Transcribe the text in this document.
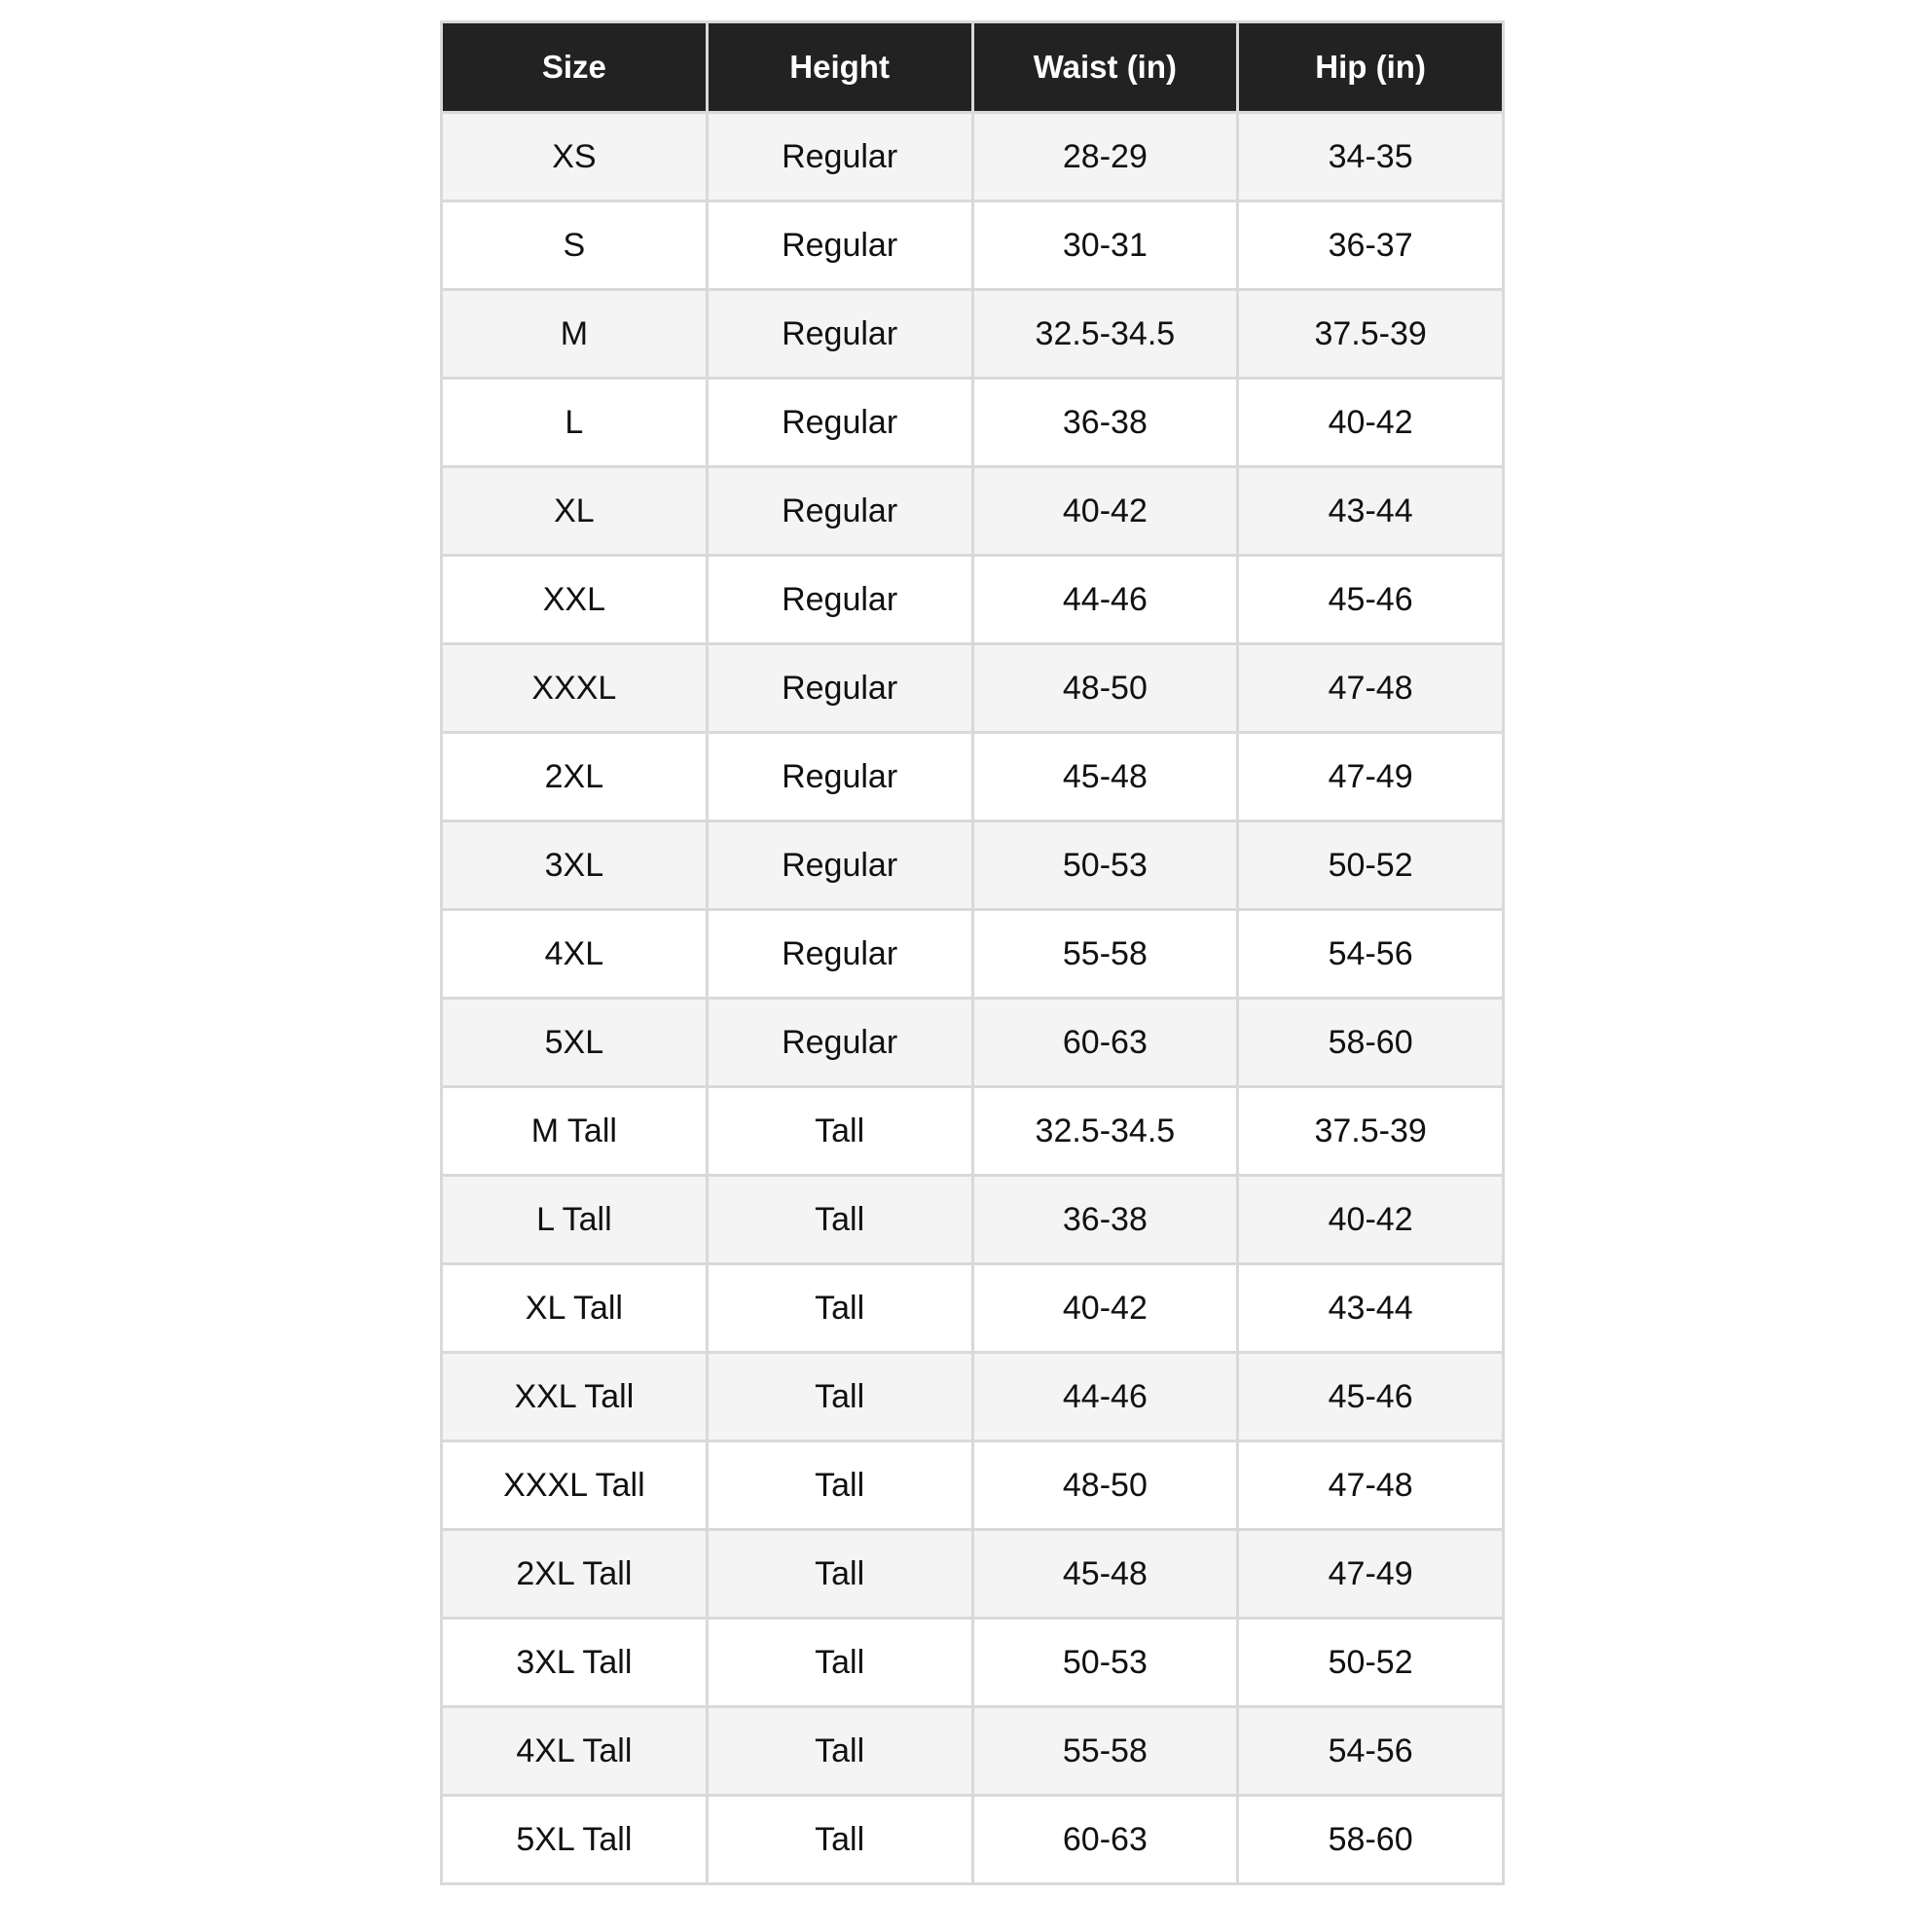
Size	Height	Waist (in)	Hip (in)
XS	Regular	28-29	34-35
S	Regular	30-31	36-37
M	Regular	32.5-34.5	37.5-39
L	Regular	36-38	40-42
XL	Regular	40-42	43-44
XXL	Regular	44-46	45-46
XXXL	Regular	48-50	47-48
2XL	Regular	45-48	47-49
3XL	Regular	50-53	50-52
4XL	Regular	55-58	54-56
5XL	Regular	60-63	58-60
M Tall	Tall	32.5-34.5	37.5-39
L Tall	Tall	36-38	40-42
XL Tall	Tall	40-42	43-44
XXL Tall	Tall	44-46	45-46
XXXL Tall	Tall	48-50	47-48
2XL Tall	Tall	45-48	47-49
3XL Tall	Tall	50-53	50-52
4XL Tall	Tall	55-58	54-56
5XL Tall	Tall	60-63	58-60
